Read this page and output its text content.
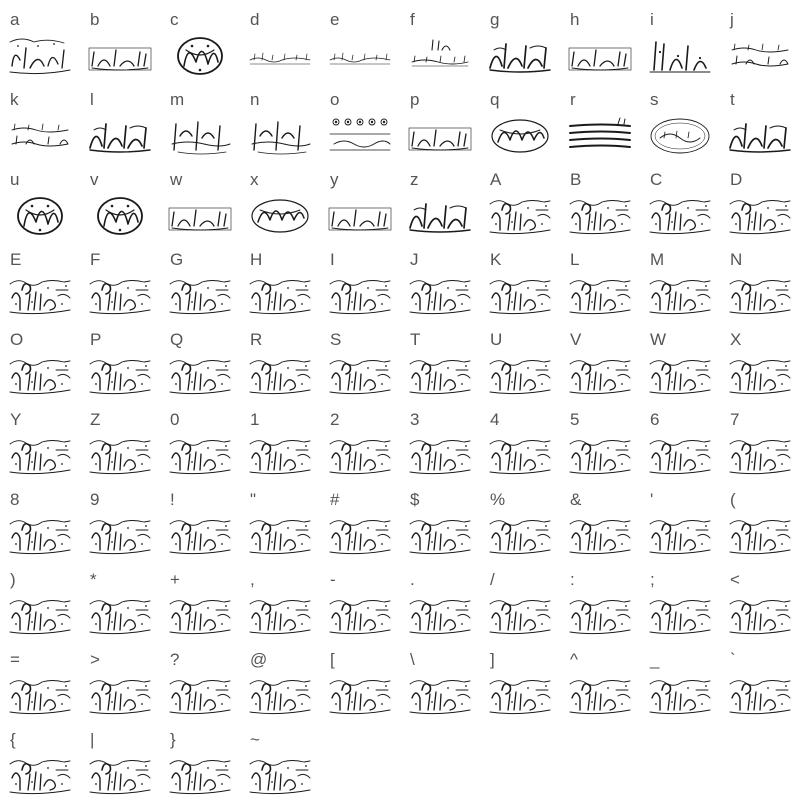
a	b	c	d	e	f	g	h	i	j
k	l	m	n	o	p	q	r	s	t
u	v	w	x	y	z	A	B	C	D
E	F	G	H	I	J	K	L	M	N
O	P	Q	R	S	T	U	V	W	X
Y	Z	0	1	2	3	4	5	6	7
8	9	!	"	#	$	%	&	'	(
)	*	+	,	-	.	/	:	;	<
=	>	?	@	[	\	]	^	_	`
{	|	}	~
